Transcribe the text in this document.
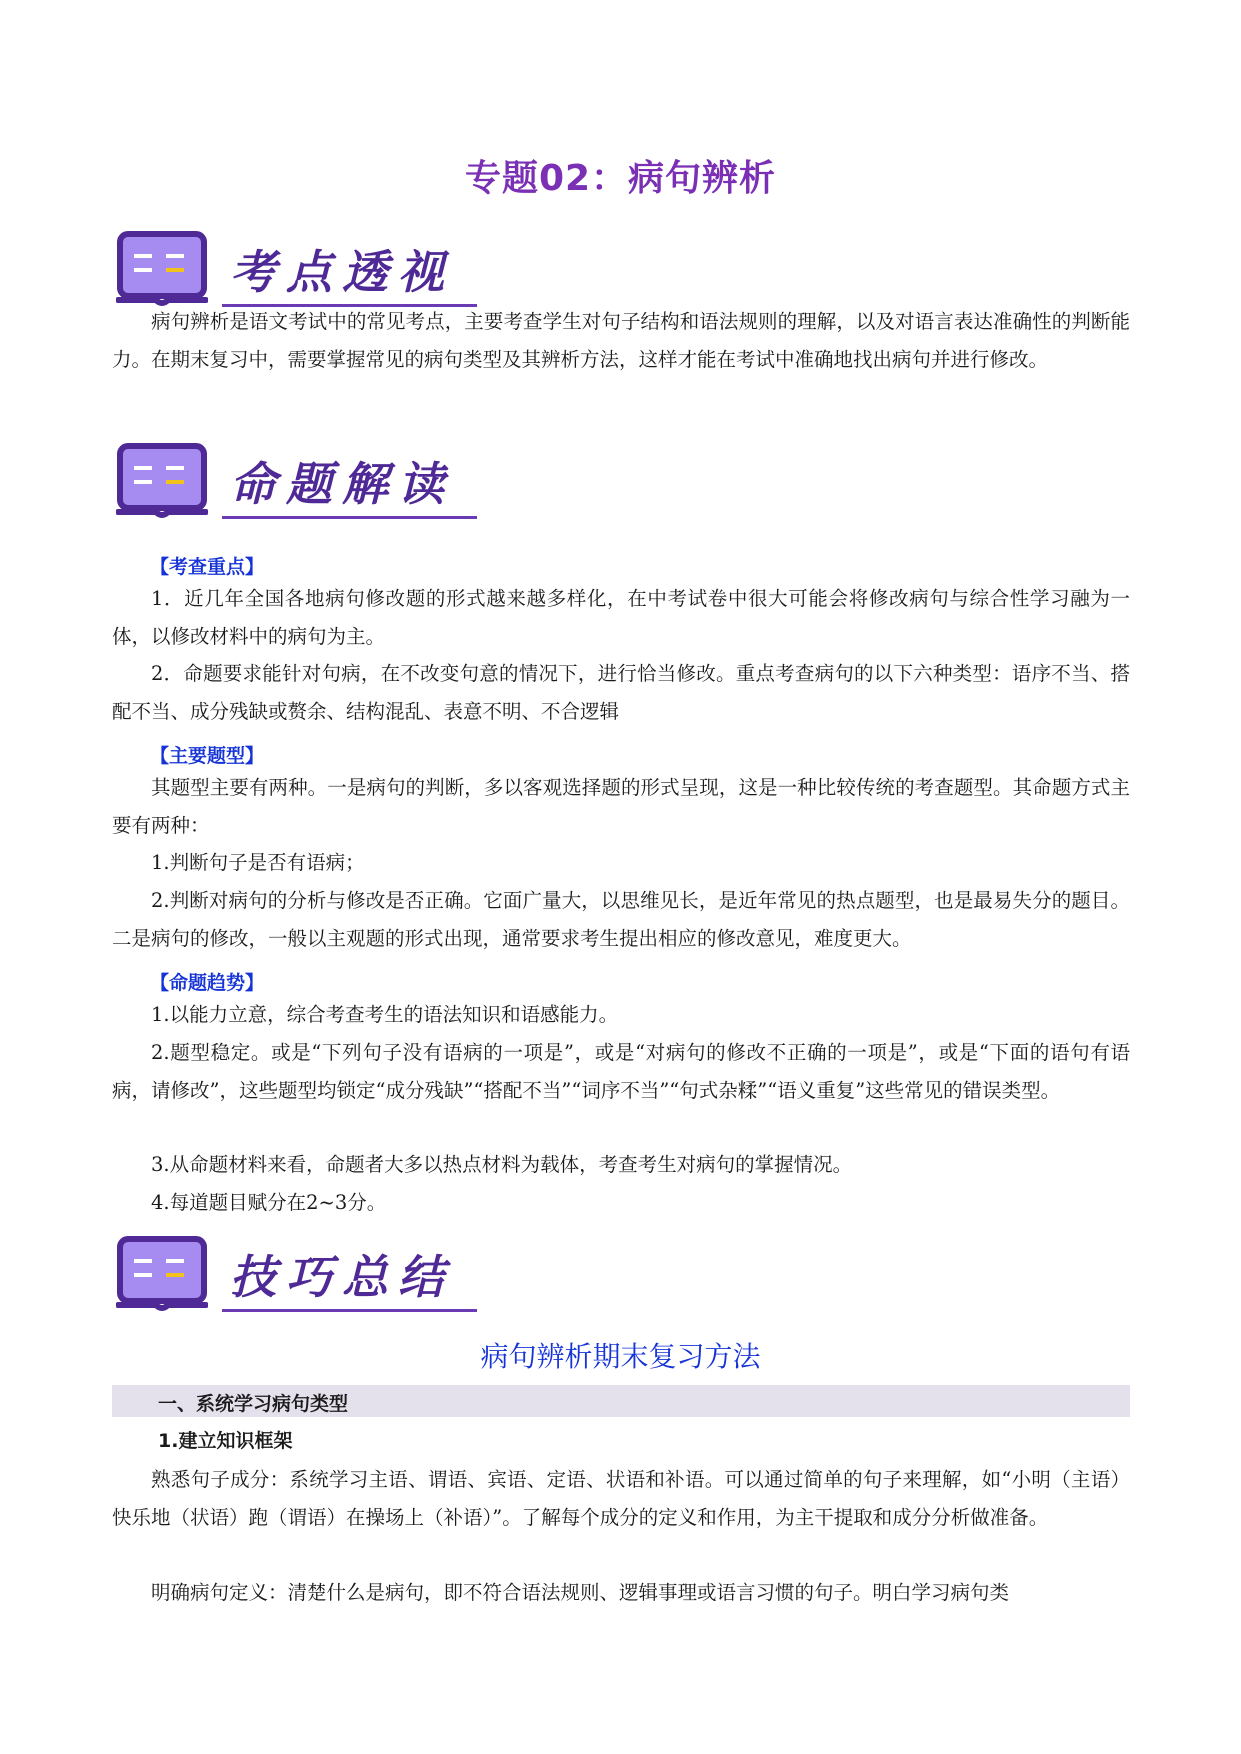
专题02：病句辨析
考点透视

病句辨析是语文考试中的常见考点，主要考查学生对句子结构和语法规则的理解，以及对语言表达准确性的判断能力。在期末复习中，需要掌握常见的病句类型及其辨析方法，这样才能在考试中准确地找出病句并进行修改。

命题解读
【考查重点】

1．近几年全国各地病句修改题的形式越来越多样化，在中考试卷中很大可能会将修改病句与综合性学习融为一体，以修改材料中的病句为主。

2．命题要求能针对句病，在不改变句意的情况下，进行恰当修改。重点考查病句的以下六种类型：语序不当、搭配不当、成分残缺或赘余、结构混乱、表意不明、不合逻辑

【主要题型】

其题型主要有两种。一是病句的判断，多以客观选择题的形式呈现，这是一种比较传统的考查题型。其命题方式主要有两种：

1.判断句子是否有语病；

2.判断对病句的分析与修改是否正确。它面广量大，以思维见长，是近年常见的热点题型，也是最易失分的题目。二是病句的修改，一般以主观题的形式出现，通常要求考生提出相应的修改意见，难度更大。

【命题趋势】

1.以能力立意，综合考查考生的语法知识和语感能力。

2.题型稳定。或是“下列句子没有语病的一项是”，或是“对病句的修改不正确的一项是”，或是“下面的语句有语病，请修改”，这些题型均锁定“成分残缺”“搭配不当”“词序不当”“句式杂糅”“语义重复”这些常见的错误类型。

3.从命题材料来看，命题者大多以热点材料为载体，考查考生对病句的掌握情况。

4.每道题目赋分在2~3分。

技巧总结
病句辨析期末复习方法
一、系统学习病句类型
1.建立知识框架

熟悉句子成分：系统学习主语、谓语、宾语、定语、状语和补语。可以通过简单的句子来理解，如“小明（主语）快乐地（状语）跑（谓语）在操场上（补语）”。了解每个成分的定义和作用，为主干提取和成分分析做准备。

明确病句定义：清楚什么是病句，即不符合语法规则、逻辑事理或语言习惯的句子。明白学习病句类
